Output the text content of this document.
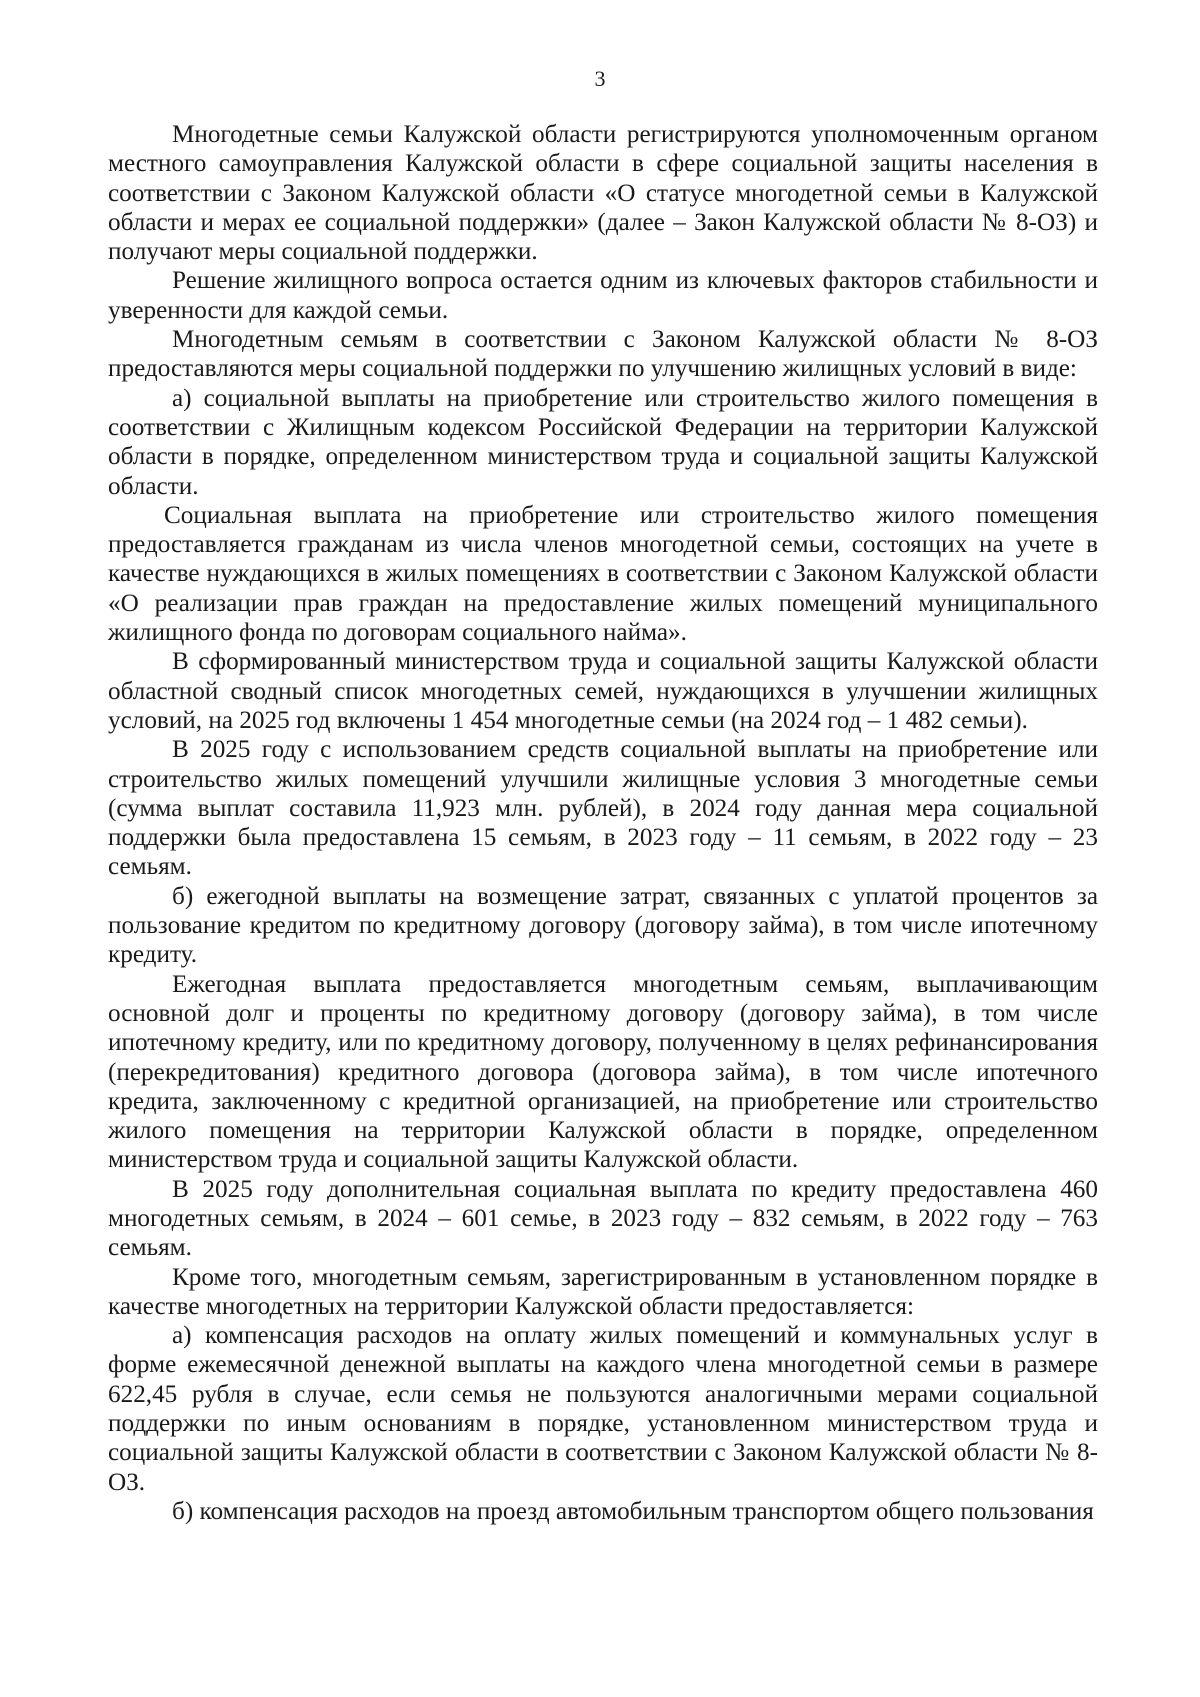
3

Многодетные семьи Калужской области регистрируются уполномоченным органом местного самоуправления Калужской области в сфере социальной защиты населения в соответствии с Законом Калужской области «О статусе многодетной семьи в Калужской области и мерах ее социальной поддержки» (далее – Закон Калужской области № 8-ОЗ) и получают меры социальной поддержки.

Решение жилищного вопроса остается одним из ключевых факторов стабильности и уверенности для каждой семьи.

Многодетным семьям в соответствии с Законом Калужской области № 8-ОЗ предоставляются меры социальной поддержки по улучшению жилищных условий в виде:

а) социальной выплаты на приобретение или строительство жилого помещения в соответствии с Жилищным кодексом Российской Федерации на территории Калужской области в порядке, определенном министерством труда и социальной защиты Калужской области.

Социальная выплата на приобретение или строительство жилого помещения предоставляется гражданам из числа членов многодетной семьи, состоящих на учете в качестве нуждающихся в жилых помещениях в соответствии с Законом Калужской области «О реализации прав граждан на предоставление жилых помещений муниципального жилищного фонда по договорам социального найма».

В сформированный министерством труда и социальной защиты Калужской области областной сводный список многодетных семей, нуждающихся в улучшении жилищных условий, на 2025 год включены 1 454 многодетные семьи (на 2024 год – 1 482 семьи).

В 2025 году с использованием средств социальной выплаты на приобретение или строительство жилых помещений улучшили жилищные условия 3 многодетные семьи (сумма выплат составила 11,923 млн. рублей), в 2024 году данная мера социальной поддержки была предоставлена 15 семьям, в 2023 году – 11 семьям, в 2022 году – 23 семьям.

б) ежегодной выплаты на возмещение затрат, связанных с уплатой процентов за пользование кредитом по кредитному договору (договору займа), в том числе ипотечному кредиту.

Ежегодная выплата предоставляется многодетным семьям, выплачивающим основной долг и проценты по кредитному договору (договору займа), в том числе ипотечному кредиту, или по кредитному договору, полученному в целях рефинансирования (перекредитования) кредитного договора (договора займа), в том числе ипотечного кредита, заключенному с кредитной организацией, на приобретение или строительство жилого помещения на территории Калужской области в порядке, определенном министерством труда и социальной защиты Калужской области.

В 2025 году дополнительная социальная выплата по кредиту предоставлена 460 многодетных семьям, в 2024 – 601 семье, в 2023 году – 832 семьям, в 2022 году – 763 семьям.

Кроме того, многодетным семьям, зарегистрированным в установленном порядке в качестве многодетных на территории Калужской области предоставляется:

а) компенсация расходов на оплату жилых помещений и коммунальных услуг в форме ежемесячной денежной выплаты на каждого члена многодетной семьи в размере 622,45 рубля в случае, если семья не пользуются аналогичными мерами социальной поддержки по иным основаниям в порядке, установленном министерством труда и социальной защиты Калужской области в соответствии с Законом Калужской области № 8-ОЗ.

б) компенсация расходов на проезд автомобильным транспортом общего пользования
